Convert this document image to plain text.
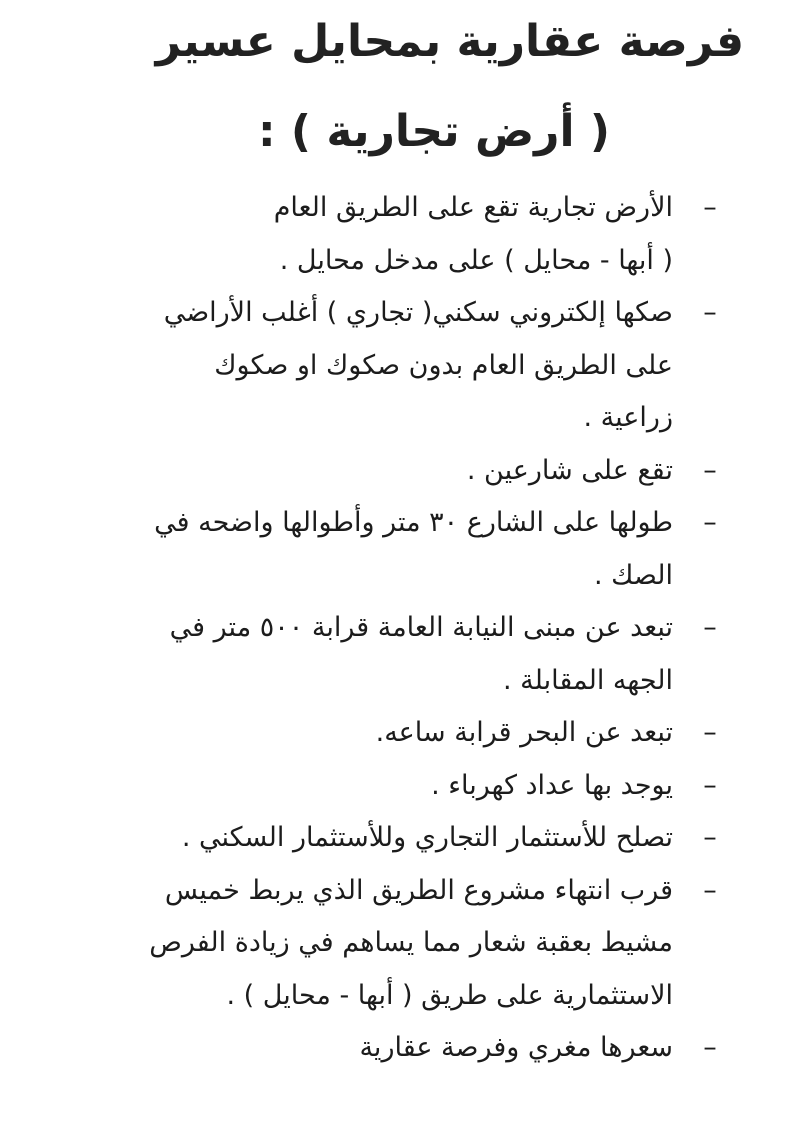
فرصة عقارية بمحايل عسير
( أرض تجارية ) :
–
الأرض تجارية تقع على الطريق العام
( أبها - محايل ) على مدخل محايل .
–
صكها إلكتروني سكني( تجاري ) أغلب الأراضي
على الطريق العام بدون صكوك او صكوك
زراعية .
–
تقع على شارعين .
–
طولها على الشارع ٣٠ متر وأطوالها واضحه في
الصك .
–
تبعد عن مبنى النيابة العامة قرابة ٥٠٠ متر في
الجهه المقابلة .
–
تبعد عن البحر قرابة ساعه.
–
يوجد بها عداد كهرباء .
–
تصلح للأستثمار التجاري وللأستثمار السكني .
–
قرب انتهاء مشروع الطريق الذي يربط خميس
مشيط بعقبة شعار مما يساهم في زيادة الفرص
الاستثمارية على طريق ( أبها - محايل ) .
–
سعرها مغري وفرصة عقارية
